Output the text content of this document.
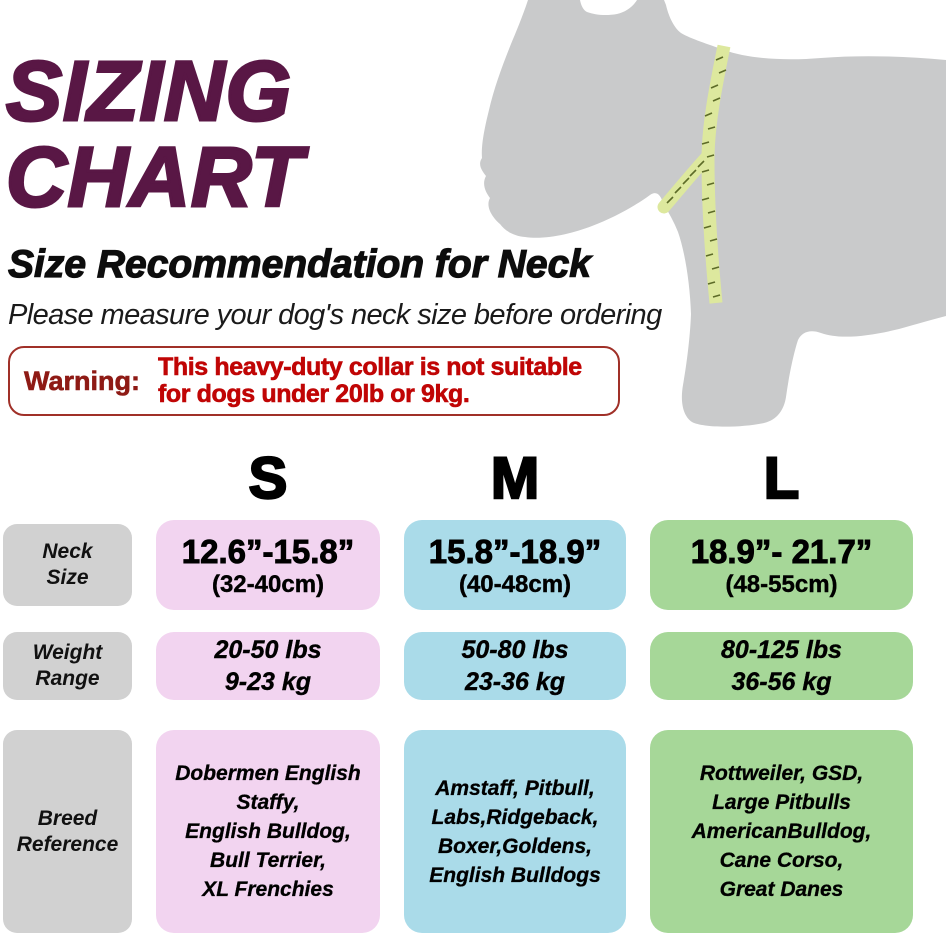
SIZING
CHART
Size Recommendation for Neck
Please measure your dog's neck size before ordering
Warning: This heavy-duty collar is not suitable
for dogs under 20lb or 9kg.
S	M	L
Neck
Size
12.6”-15.8”
(32-40cm)
15.8”-18.9”
(40-48cm)
18.9”- 21.7”
(48-55cm)
Weight
Range
20-50 lbs
9-23 kg
50-80 lbs
23-36 kg
80-125 lbs
36-56 kg
Breed
Reference
Dobermen English
Staffy,
English Bulldog,
Bull Terrier,
XL Frenchies
Amstaff, Pitbull,
Labs,Ridgeback,
Boxer,Goldens,
English Bulldogs
Rottweiler, GSD,
Large Pitbulls
AmericanBulldog,
Cane Corso,
Great Danes
